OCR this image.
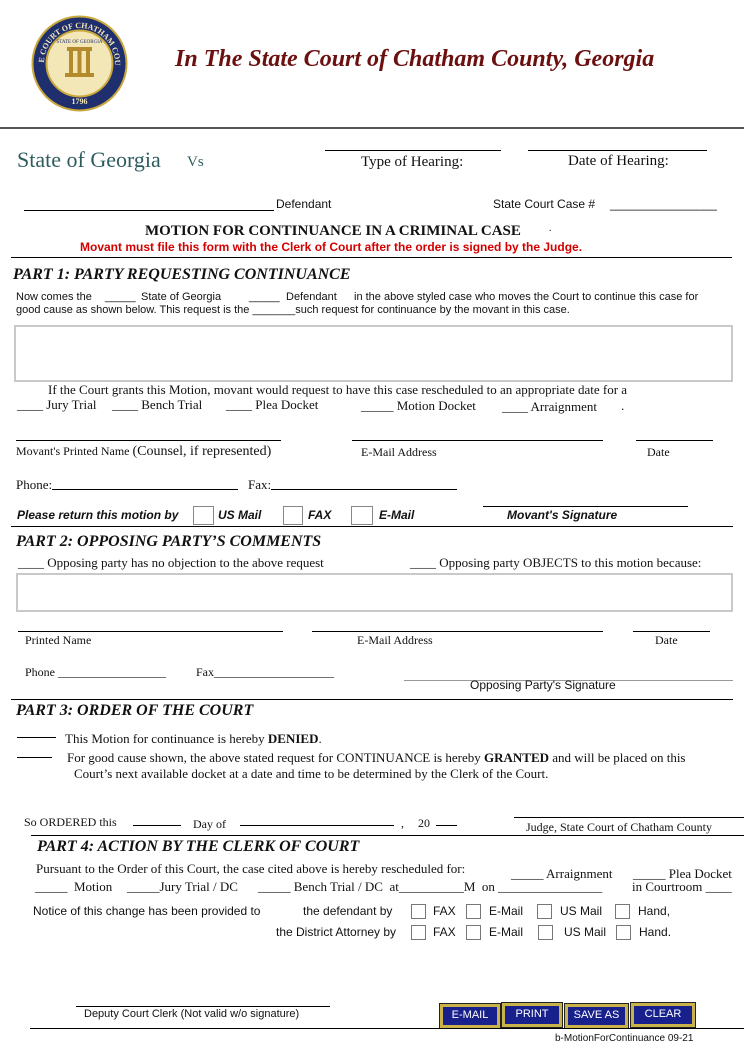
E COURT OF CHATHAM COU
STATE OF GEORGIA
1796
In The State Court of Chatham County, Georgia
State of Georgia Vs	Type of Hearing:	Date of Hearing:
Defendant	State Court Case # ________________
MOTION FOR CONTINUANCE IN A CRIMINAL CASE	.
Movant must file this form with the Clerk of Court after the order is signed by the Judge.
PART 1: PARTY REQUESTING CONTINUANCE
Now comes the _____ State of Georgia	_____ Defendant in the above styled case who moves the Court to continue this case for
good cause as shown below. This request is the _______such request for continuance by the movant in this case.
If the Court grants this Motion, movant would request to have this case rescheduled to an appropriate date for a
____ Jury Trial ____ Bench Trial ____ Plea Docket	_____ Motion Docket ____ Arraignment .
Movant's Printed Name (Counsel, if represented)	E-Mail Address	Date
Phone:	Fax:
Please return this motion by	US Mail	FAX	E-Mail	Movant's Signature
PART 2: OPPOSING PARTY’S COMMENTS
____ Opposing party has no objection to the above request	____ Opposing party OBJECTS to this motion because:
Printed Name	E-Mail Address	Date
Phone __________________	Fax____________________
Opposing Party's Signature
PART 3: ORDER OF THE COURT
This Motion for continuance is hereby DENIED.
For good cause shown, the above stated request for CONTINUANCE is hereby GRANTED and will be placed on this
Court’s next available docket at a date and time to be determined by the Clerk of the Court.
So ORDERED this	Day of	, 20	Judge, State Court of Chatham County
PART 4: ACTION BY THE CLERK OF COURT
Pursuant to the Order of this Court, the case cited above is hereby rescheduled for:	_____ Arraignment _____ Plea Docket
_____  Motion _____Jury Trial / DC _____ Bench Trial / DC  at__________M  on ________________ in Courtroom ____
Notice of this change has been provided to	the defendant by	FAX	E-Mail	US Mail	Hand,
the District Attorney by	FAX	E-Mail	US Mail	Hand.
Deputy Court Clerk (Not valid w/o signature)	E-MAIL	PRINT	SAVE AS	CLEAR
b-MotionForContinuance 09-21
